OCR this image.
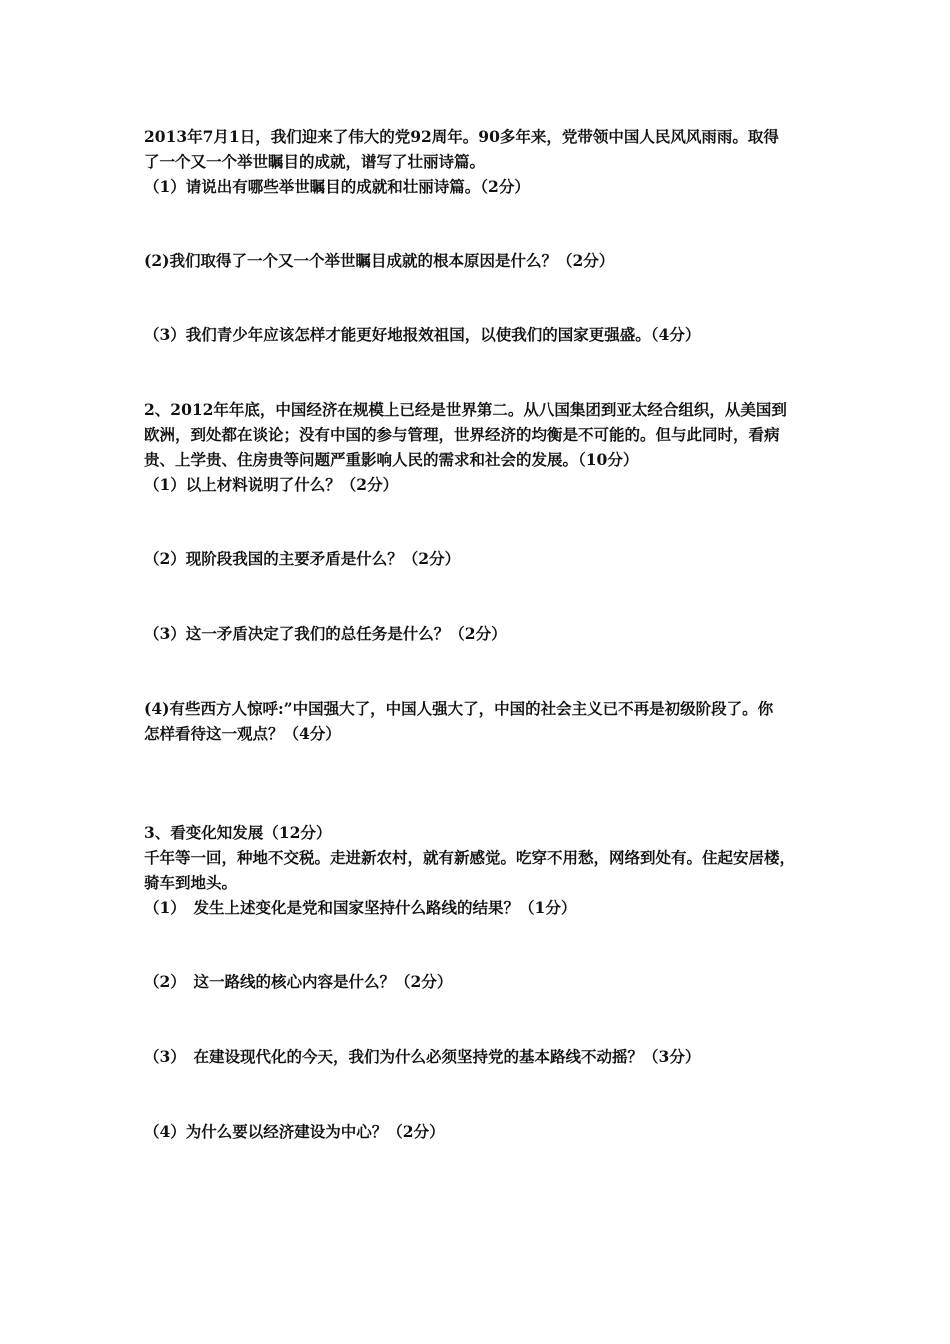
2013年7月1日，我们迎来了伟大的党92周年。90多年来，党带领中国人民风风雨雨。取得
了一个又一个举世瞩目的成就，谱写了壮丽诗篇。
（1）请说出有哪些举世瞩目的成就和壮丽诗篇。（2分）
(2)我们取得了一个又一个举世瞩目成就的根本原因是什么？（2分）
（3）我们青少年应该怎样才能更好地报效祖国，以使我们的国家更强盛。（4分）
2、2012年年底，中国经济在规模上已经是世界第二。从八国集团到亚太经合组织，从美国到
欧洲，到处都在谈论；没有中国的参与管理，世界经济的均衡是不可能的。但与此同时，看病
贵、上学贵、住房贵等问题严重影响人民的需求和社会的发展。（10分）
（1）以上材料说明了什么？（2分）
（2）现阶段我国的主要矛盾是什么？（2分）
（3）这一矛盾决定了我们的总任务是什么？（2分）
(4)有些西方人惊呼:”中国强大了，中国人强大了，中国的社会主义已不再是初级阶段了。你
怎样看待这一观点？（4分）
3、看变化知发展（12分）
千年等一回，种地不交税。走进新农村，就有新感觉。吃穿不用愁，网络到处有。住起安居楼，
骑车到地头。
（1）　发生上述变化是党和国家坚持什么路线的结果？（1分）
（2）　这一路线的核心内容是什么？（2分）
（3）　在建设现代化的今天，我们为什么必须坚持党的基本路线不动摇？（3分）
（4）为什么要以经济建设为中心？（2分）
